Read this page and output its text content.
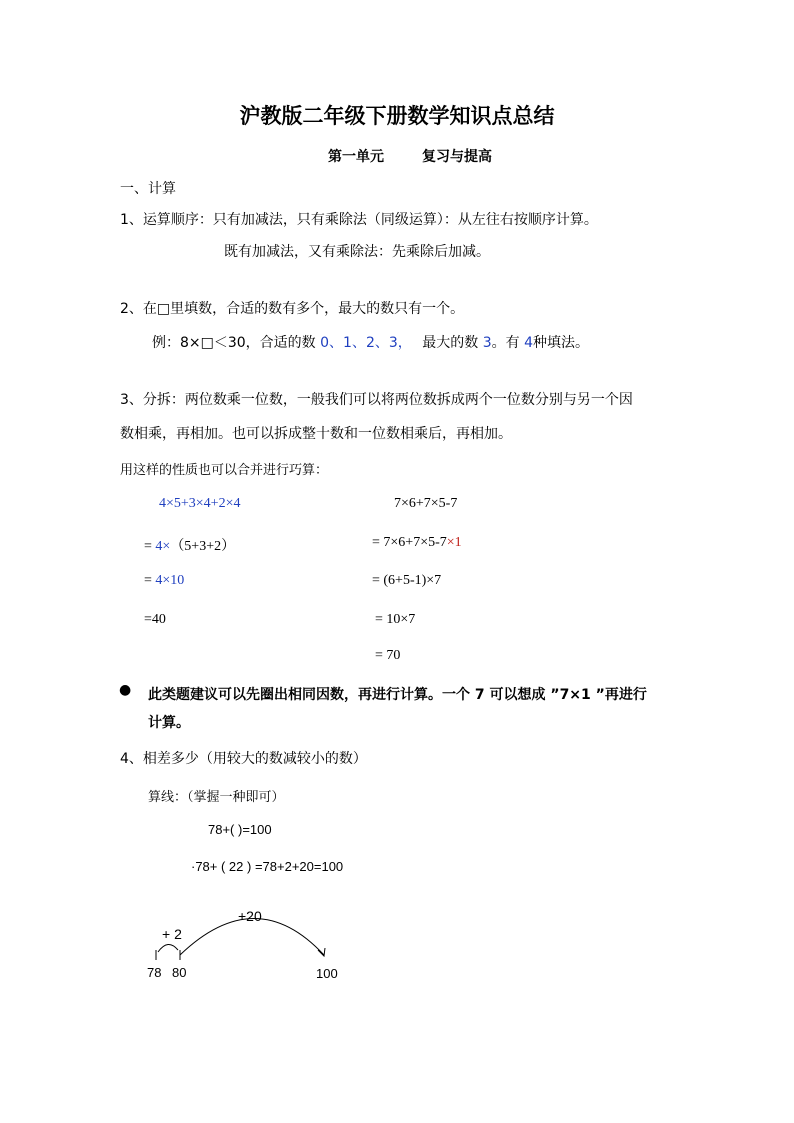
沪教版二年级下册数学知识点总结
第一单元	复习与提高
一、计算
1、运算顺序：只有加减法，只有乘除法（同级运算）：从左往右按顺序计算。
既有加减法，又有乘除法：先乘除后加减。
2、在□里填数，合适的数有多个，最大的数只有一个。
例：8×□＜30，合适的数 0、1、2、3， 最大的数 3。有 4种填法。
3、分拆：两位数乘一位数，一般我们可以将两位数拆成两个一位数分别与另一个因
数相乘，再相加。也可以拆成整十数和一位数相乘后，再相加。
用这样的性质也可以合并进行巧算：
4×5+3×4+2×4
= 4×（5+3+2）
= 4×10
=40
7×6+7×5-7
= 7×6+7×5-7×1
= (6+5-1)×7
= 10×7
= 70
● 此类题建议可以先圈出相同因数，再进行计算。一个 7 可以想成 ”7×1 ”再进行
计算。
4、相差多少（用较大的数减较小的数）
算线：（掌握一种即可）
78+( )=100
·78+ ( 22 ) =78+2+20=100
+ 2
+20
78 80	100
